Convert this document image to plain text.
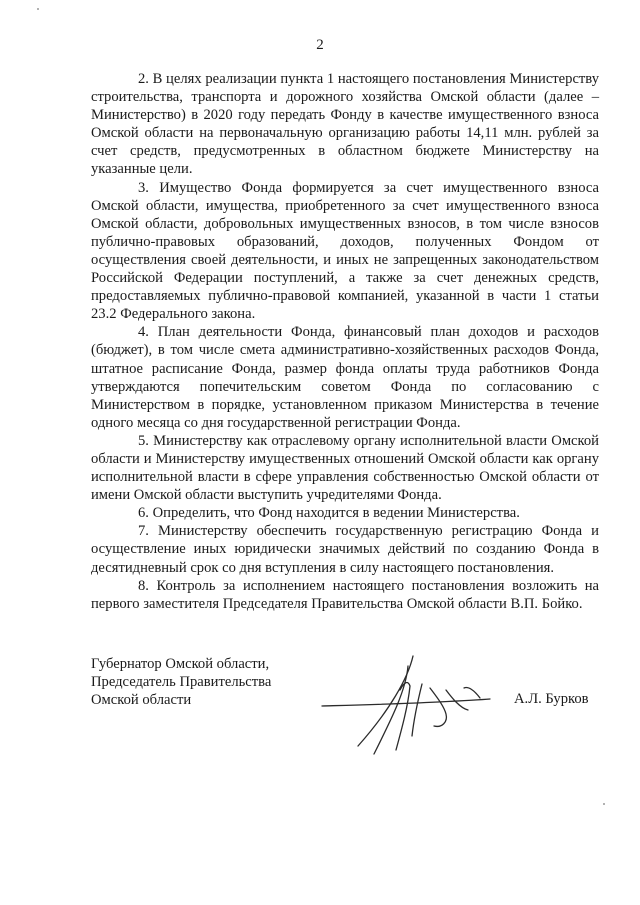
2

2. В целях реализации пункта 1 настоящего постановления Министерству строительства, транспорта и дорожного хозяйства Омской области (далее – Министерство) в 2020 году передать Фонду в качестве имущественного взноса Омской области на первоначальную организацию работы 14,11 млн. рублей за счет средств, предусмотренных в областном бюджете Министерству на указанные цели.

3. Имущество Фонда формируется за счет имущественного взноса Омской области, имущества, приобретенного за счет имущественного взноса Омской области, добровольных имущественных взносов, в том числе взносов публично-правовых образований, доходов, полученных Фондом от осуществления своей деятельности, и иных не запрещенных законодательством Российской Федерации поступлений, а также за счет денежных средств, предоставляемых публично-правовой компанией, указанной в части 1 статьи 23.2 Федерального закона.

4. План деятельности Фонда, финансовый план доходов и расходов (бюджет), в том числе смета административно-хозяйственных расходов Фонда, штатное расписание Фонда, размер фонда оплаты труда работников Фонда утверждаются попечительским советом Фонда по согласованию с Министерством в порядке, установленном приказом Министерства в течение одного месяца со дня государственной регистрации Фонда.

5. Министерству как отраслевому органу исполнительной власти Омской области и Министерству имущественных отношений Омской области как органу исполнительной власти в сфере управления собственностью Омской области от имени Омской области выступить учредителями Фонда.

6. Определить, что Фонд находится в ведении Министерства.

7. Министерству обеспечить государственную регистрацию Фонда и осуществление иных юридически значимых действий по созданию Фонда в десятидневный срок со дня вступления в силу настоящего постановления.

8. Контроль за исполнением настоящего постановления возложить на первого заместителя Председателя Правительства Омской области В.П. Бойко.

Губернатор Омской области,
Председатель Правительства
Омской области	А.Л. Бурков
